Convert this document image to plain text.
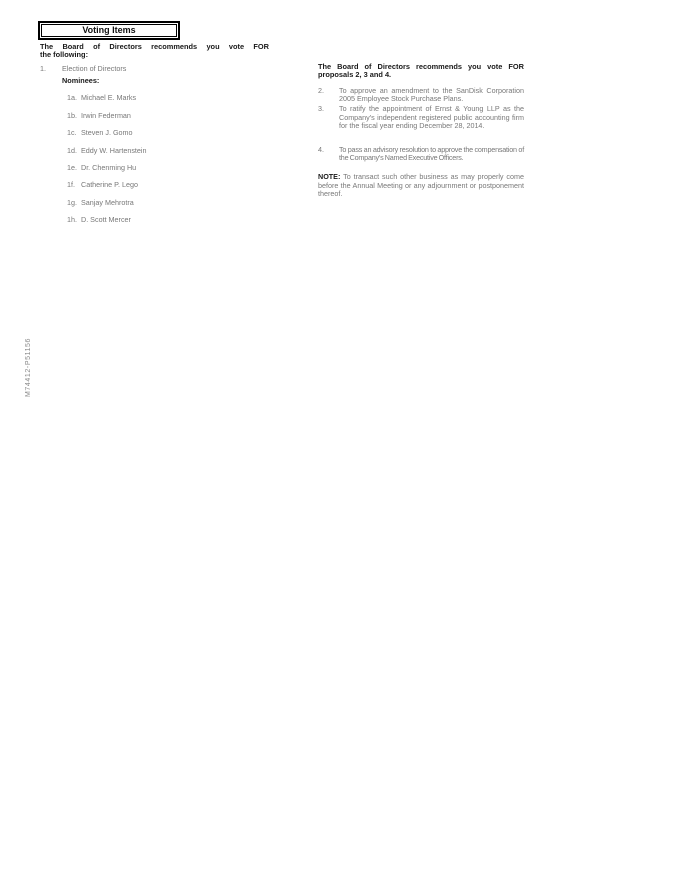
Voting Items
The Board of Directors recommends you vote FOR
the following:
1.	Election of Directors
Nominees:
1a. Michael E. Marks
1b. Irwin Federman
1c. Steven J. Gomo
1d. Eddy W. Hartenstein
1e. Dr. Chenming Hu
1f. Catherine P. Lego
1g. Sanjay Mehrotra
1h. D. Scott Mercer
The Board of Directors recommends you vote FOR
proposals 2, 3 and 4.
2.	To approve an amendment to the SanDisk Corporation 2005 Employee Stock Purchase Plans.
3.	To ratify the appointment of Ernst & Young LLP as the Company's independent registered public accounting firm for the fiscal year ending December 28, 2014.
4.	To pass an advisory resolution to approve the compensation of the Company's Named Executive Officers.
NOTE: To transact such other business as may properly come before the Annual Meeting or any adjournment or postponement thereof.
M74412-P51156
